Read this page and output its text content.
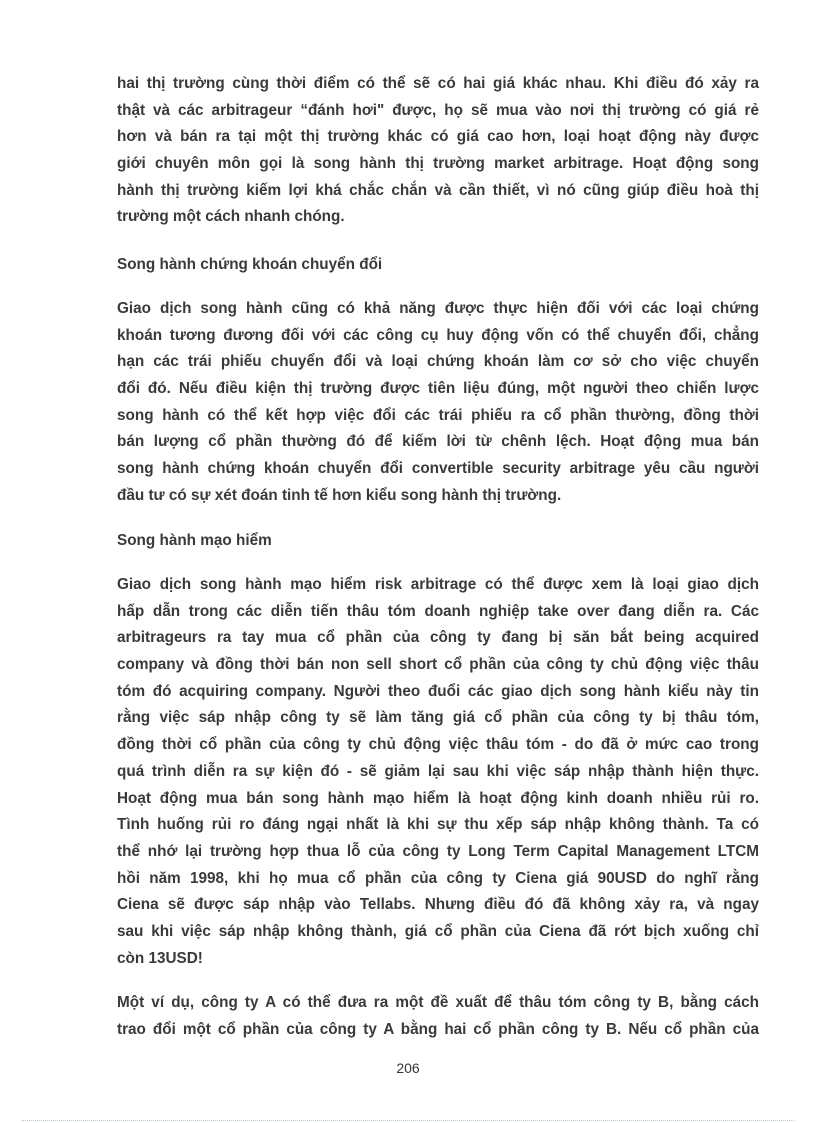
hai thị trường cùng thời điểm có thể sẽ có hai giá khác nhau. Khi điều đó xảy ra
thật và các arbitrageur “đánh hơi" được, họ sẽ mua vào nơi thị trường có giá rẻ
hơn và bán ra tại một thị trường khác có giá cao hơn, loại hoạt động này được
giới chuyên môn gọi là song hành thị trường market arbitrage. Hoạt động song
hành thị trường kiếm lợi khá chắc chắn và cần thiết, vì nó cũng giúp điều hoà thị
trường một cách nhanh chóng.
Song hành chứng khoán chuyển đổi
Giao dịch song hành cũng có khả năng được thực hiện đối với các loại chứng
khoán tương đương đối với các công cụ huy động vốn có thể chuyển đổi, chẳng
hạn các trái phiếu chuyển đổi và loại chứng khoán làm cơ sở cho việc chuyển
đổi đó. Nếu điều kiện thị trường được tiên liệu đúng, một người theo chiến lược
song hành có thể kết hợp việc đổi các trái phiếu ra cổ phần thường, đồng thời
bán lượng cổ phần thường đó để kiếm lời từ chênh lệch. Hoạt động mua bán
song hành chứng khoán chuyển đổi convertible security arbitrage yêu cầu người
đầu tư có sự xét đoán tinh tế hơn kiểu song hành thị trường.
Song hành mạo hiểm
Giao dịch song hành mạo hiểm risk arbitrage có thể được xem là loại giao dịch
hấp dẫn trong các diễn tiến thâu tóm doanh nghiệp take over đang diễn ra. Các
arbitrageurs ra tay mua cổ phần của công ty đang bị săn bắt being acquired
company và đồng thời bán non sell short cổ phần của công ty chủ động việc thâu
tóm đó acquiring company. Người theo đuổi các giao dịch song hành kiểu này tin
rằng việc sáp nhập công ty sẽ làm tăng giá cổ phần của công ty bị thâu tóm,
đồng thời cổ phần của công ty chủ động việc thâu tóm - do đã ở mức cao trong
quá trình diễn ra sự kiện đó - sẽ giảm lại sau khi việc sáp nhập thành hiện thực.
Hoạt động mua bán song hành mạo hiểm là hoạt động kinh doanh nhiều rủi ro.
Tình huống rủi ro đáng ngại nhất là khi sự thu xếp sáp nhập không thành. Ta có
thể nhớ lại trường hợp thua lỗ của công ty Long Term Capital Management LTCM
hồi năm 1998, khi họ mua cổ phần của công ty Ciena giá 90USD do nghĩ rằng
Ciena sẽ được sáp nhập vào Tellabs. Nhưng điều đó đã không xảy ra, và ngay
sau khi việc sáp nhập không thành, giá cổ phần của Ciena đã rớt bịch xuống chỉ
còn 13USD!
Một ví dụ, công ty A có thể đưa ra một đề xuất để thâu tóm công ty B, bằng cách
trao đổi một cổ phần của công ty A bằng hai cổ phần công ty B. Nếu cổ phần của
206
